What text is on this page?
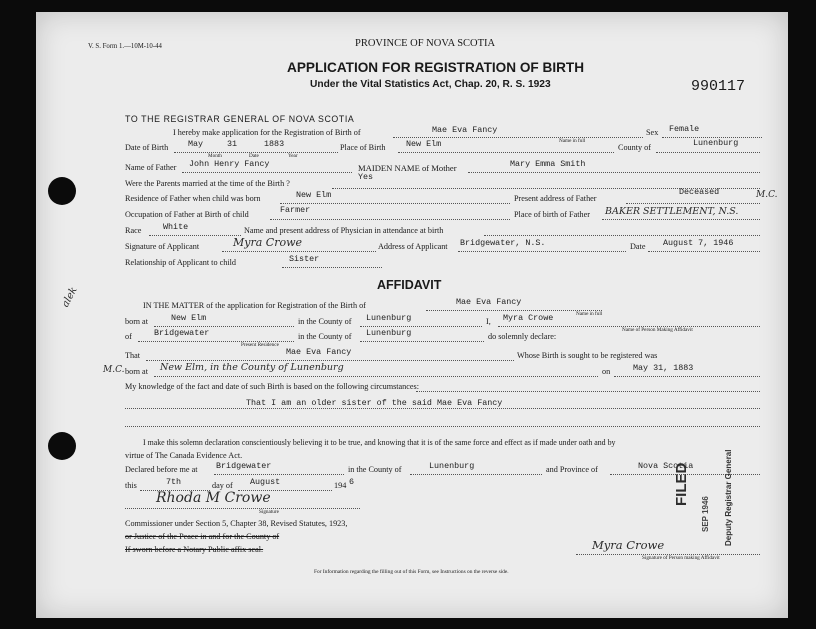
V. S. Form 1.—10M-10-44	PROVINCE OF NOVA SCOTIA
APPLICATION FOR REGISTRATION OF BIRTH
Under the Vital Statistics Act, Chap. 20, R. S. 1923	990117
TO THE REGISTRAR GENERAL OF NOVA SCOTIA
I hereby make application for the Registration of Birth of	Mae Eva Fancy
Name in full
Sex Female
Date of Birth May	31	1883
Month	Date	Year
Place of Birth New Elm	County of	Lunenburg
Name of Father John Henry Fancy	MAIDEN NAME of Mother	Mary Emma Smith
Were the Parents married at the time of the Birth ?
Yes
Residence of Father when child was born	New Elm	Present address of Father
Deceased	M.C.
Occupation of Father at Birth of child	Farmer	Place of birth of Father BAKER SETTLEMENT, N.S.
Race	White	Name and present address of Physician in attendance at birth
Signature of Applicant	Myra Crowe	Address of Applicant Bridgewater, N.S.	Date August 7, 1946
Relationship of Applicant to child	Sister
AFFIDAVIT
IN THE MATTER of the application for Registration of the Birth of	Mae Eva Fancy
Name in full
born at	New Elm	in the County of Lunenburg	I, Myra Crowe
Name of Person Making Affidavit
of	Bridgewater
Present Residence
in the County of Lunenburg	do solemnly declare:
That	Mae Eva Fancy	Whose Birth is sought to be registered was
born at New Elm, in the County of Lunenburg	on	May 31, 1883
My knowledge of the fact and date of such Birth is based on the following circumstances:
That I am an older sister of the said Mae Eva Fancy
I make this solemn declaration conscientiously believing it to be true, and knowing that it is of the same force and effect as if made under oath and by
virtue of The Canada Evidence Act.
Declared before me at Bridgewater	in the County of	Lunenburg	and Province of	Nova Scotia
this	7th	day of August	194 6
Rhoda M Crowe
Signature
Commissioner under Section 5, Chapter 38, Revised Statutes, 1923,
or Justice of the Peace in and for the County of
If sworn before a Notary Public affix seal.	Myra Crowe
Signature of Person making Affidavit
For Information regarding the filling out of this Form, see Instructions on the reverse side.
alek
M.C.
FILED
SEP 1946 Deputy Registrar General
